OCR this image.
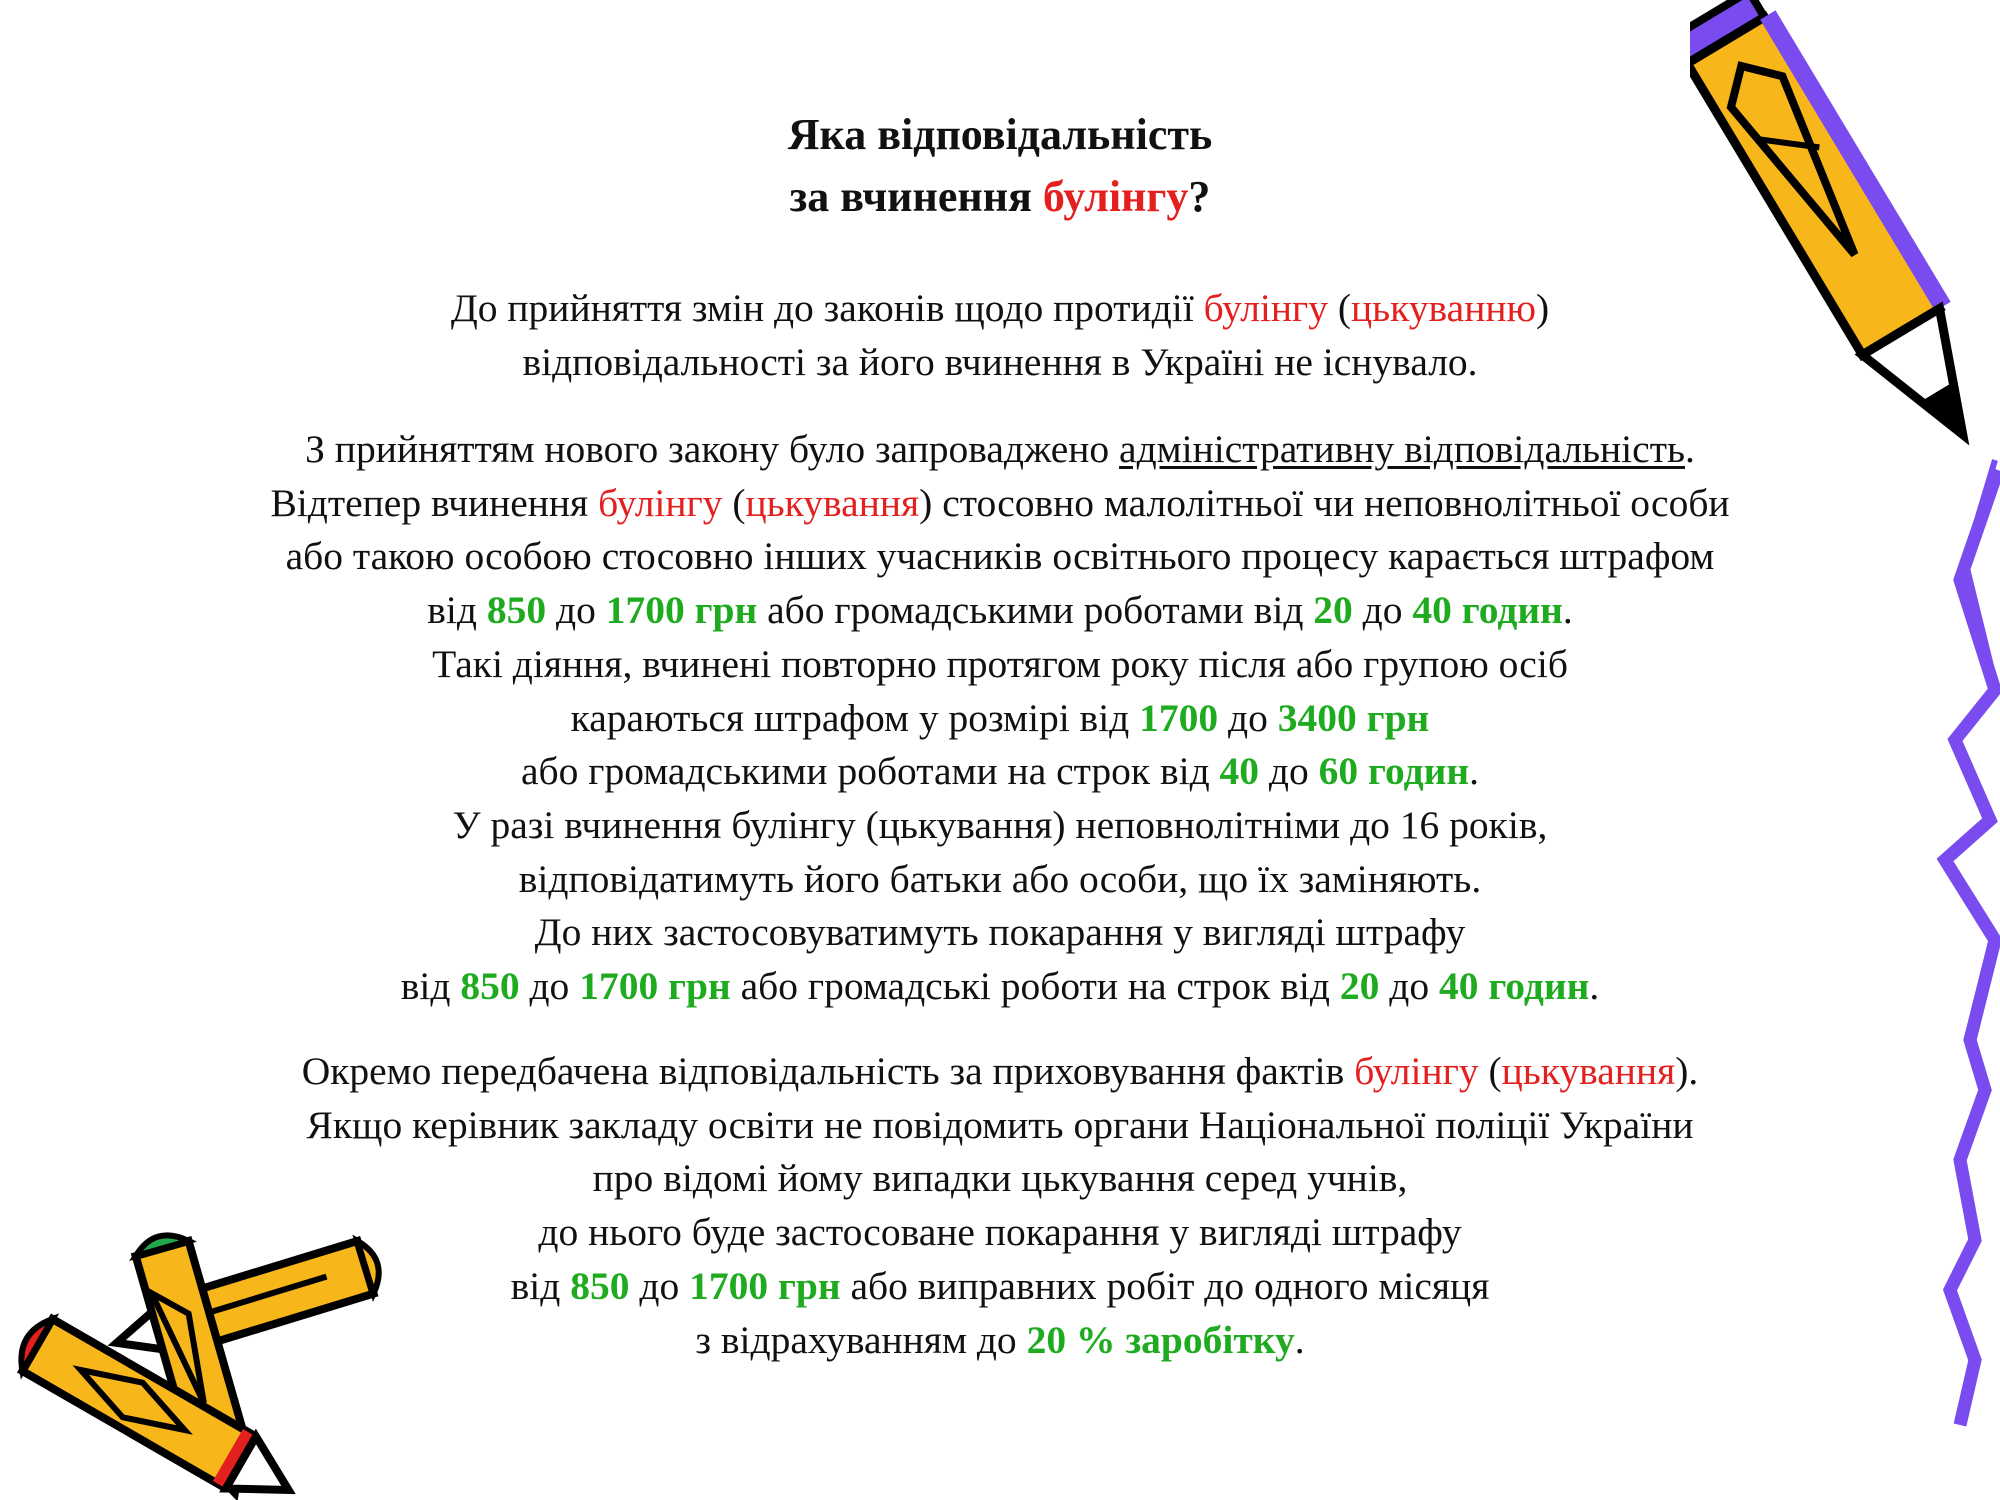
Яка відповідальність
за вчинення булінгу?
До прийняття змін до законів щодо протидії булінгу (цькуванню)
відповідальності за його вчинення в Україні не існувало.
З прийняттям нового закону було запроваджено адміністративну відповідальність.
Відтепер вчинення булінгу (цькування) стосовно малолітньої чи неповнолітньої особи
або такою особою стосовно інших учасників освітнього процесу карається штрафом
від 850 до 1700 грн або громадськими роботами від 20 до 40 годин.
Такі діяння, вчинені повторно протягом року після або групою осіб
караються штрафом у розмірі від 1700 до 3400 грн
або громадськими роботами на строк від 40 до 60 годин.
У разі вчинення булінгу (цькування) неповнолітніми до 16 років,
відповідатимуть його батьки або особи, що їх заміняють.
До них застосовуватимуть покарання у вигляді штрафу
від 850 до 1700 грн або громадські роботи на строк від 20 до 40 годин.
Окремо передбачена відповідальність за приховування фактів булінгу (цькування).
Якщо керівник закладу освіти не повідомить органи Національної поліції України
про відомі йому випадки цькування серед учнів,
до нього буде застосоване покарання у вигляді штрафу
від 850 до 1700 грн або виправних робіт до одного місяця
з відрахуванням до 20 % заробітку.
